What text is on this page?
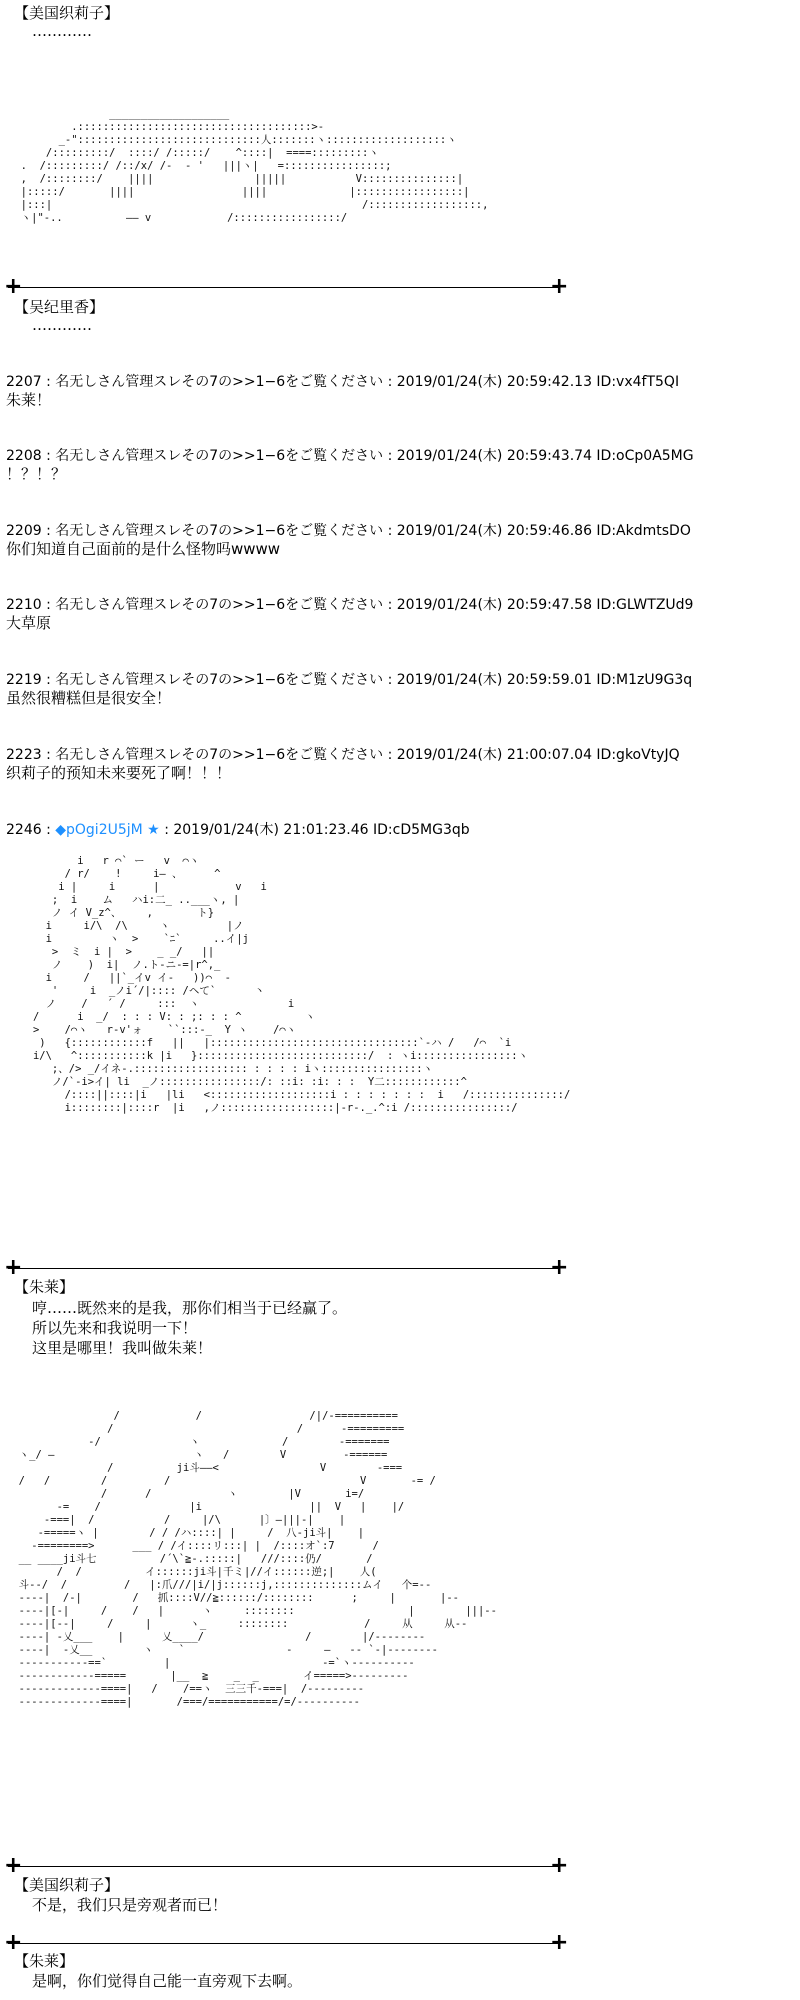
【美国织莉子】
…………
___________________
.:::::::::::::::::::::::::::::::::::::>-
_-":::::::::::::::::::::::::::::人:::::::ヽ:::::::::::::::::::ヽ
/:::::::::/  ::::/ /:::::/    ^::::|  ====:::::::::ヽ
.  /:::::::::/ /::/x/ /-  - '   |||ヽ|   =::::::::::::::::;
,  /::::::::/    ||||                |||||           V:::::::::::::::|
|:::::/       ||||                 ||||             |:::::::::::::::::|
|:::|                                                 /::::::::::::::::::,
ヽ|"-..          ―― v            /:::::::::::::::::/
+	+
【吴纪里香】
…………
2207 : 名无しさん管理スレその7の>>1−6をご覧ください : 2019/01/24(木) 20:59:42.13 ID:vx4fT5QI
朱莱！
2208 : 名无しさん管理スレその7の>>1−6をご覧ください : 2019/01/24(木) 20:59:43.74 ID:oCp0A5MG
！？！？
2209 : 名无しさん管理スレその7の>>1−6をご覧ください : 2019/01/24(木) 20:59:46.86 ID:AkdmtsDO
你们知道自己面前的是什么怪物吗wwww
2210 : 名无しさん管理スレその7の>>1−6をご覧ください : 2019/01/24(木) 20:59:47.58 ID:GLWTZUd9
大草原
2219 : 名无しさん管理スレその7の>>1−6をご覧ください : 2019/01/24(木) 20:59:59.01 ID:M1zU9G3q
虽然很糟糕但是很安全！
2223 : 名无しさん管理スレその7の>>1−6をご覧ください : 2019/01/24(木) 21:00:07.04 ID:gkoVtyJQ
织莉子的预知未来要死了啊！！！
2246 : ◆pOgi2U5jM ★ : 2019/01/24(木) 21:01:23.46 ID:cD5MG3qb
i   r ⌒` ー   v  ⌒ヽ
/ r/    !     i― 、     ^
i |     i      |            v   i
;  i    ム   ハi:二_ ..___ヽ, |
ノ イ V_z^、    ,       ト}
i     i/\  /\     ヽ         |ノ
i         ヽ  >    `ﾆ`     ..イ|j
>  ミ  i |  >    _ _/   ||
ノ    )  i|  ノ.ト-ニ-=|r^,_
i     /   ||`_イv イ-   ))⌒  -
'     i  _ノi´/|:::: /ヘて`      丶
ノ    /   ´ /     :::  ヽ              i
/      i  _/  : : : V: : ;: : : ^          ヽ
>    /⌒ヽ   r-v'ォ    ``:::-_  Y ヽ    /⌒ヽ
)   {::::::::::::f   ||   |:::::::::::::::::::::::::::::::::`-ハ /   /⌒  `i
i/\   ^:::::::::::k |i   }:::::::::::::::::::::::::::/  : ヽi::::::::::::::::ヽ
;、/> _/イネ-.:::::::::::::::::: : : : : iヽ::::::::::::::::ヽ
ノ/`-i>イ| li  _ノ::::::::::::::::/: ::i: :i: : :  Y二::::::::::::^
/::::||::::|i   |li   <:::::::::::::::::::i : : : : : : :  i   /:::::::::::::::/
i::::::::|::::r  |i   ,ノ::::::::::::::::::|-r-._.^:i /::::::::::::::::/
+	+
【朱莱】
哼……既然来的是我，那你们相当于已经赢了。
所以先来和我说明一下！
这里是哪里！我叫做朱莱！
/            /                 /|/-==========
/                             /      -=========
-/              ヽ             /        -=======
ヽ_/ ―                      ヽ   /        V         -======
/          ji斗――<                V        -===
/   /        /         /                              V       -= /
/      /            ヽ        |V       i=/
-=    /              |i                 ||  V   |    |/
-===|  /           /     |/\      |〕―|||-|    |
-=====ヽ |        / / /ハ::::| |     /  八-ji斗|    |
-========>      ___ / /イ::::リ:::| |  /::::オ`:7      /
__ ____ji斗七          /´\`≧-.:::::|   ///::::仍/       /
/  /          イ::::::ji斗|千ミ|//イ::::::逆;|    人(
斗--/  /         /   |:爪///|i/|j::::::j,::::::::::::::ムイ   个=--
----|  /-|        /   抓::::V//≧::::::/::::::::      ;     |       |--
----|[-|     /    /   |      ヽ     ::::::::                  |        |||--
----|[--|     /     |      ヽ_     ::::::::            /     从     从--
----| -乂___    |      乂____/                /        |/--------
----|  -乂__        ヽ    `                -     ―   -- `-|--------
-----------==`         |                        -=`ヽ----------
------------=====       |__  ≧    _  _       イ=====>---------
-------------====|   /    /==ヽ  三三千-===|  /---------
-------------====|       /===/===========/=/----------
+	+
【美国织莉子】
不是，我们只是旁观者而已！
+	+
【朱莱】
是啊，你们觉得自己能一直旁观下去啊。
